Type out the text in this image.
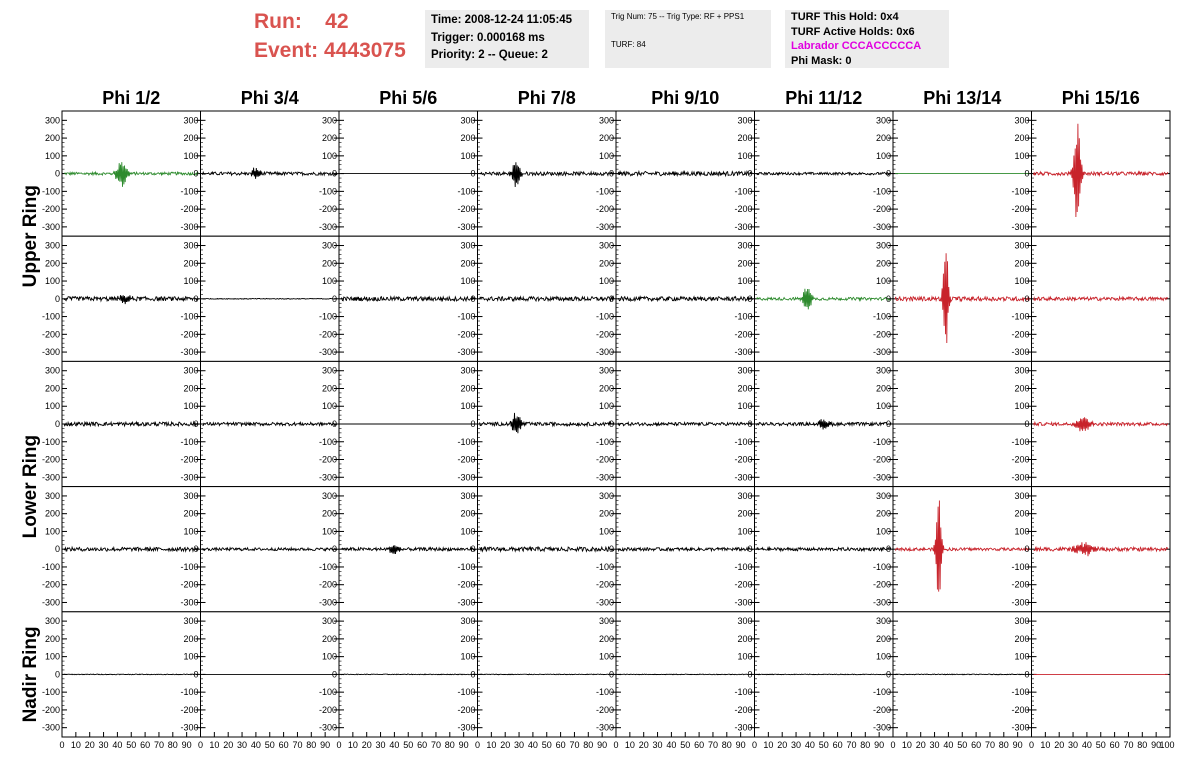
Run: 42
Event: 4443075
Time: 2008-12-24 11:05:45
Trigger: 0.000168 ms
Priority: 2 -- Queue: 2
Trig Num: 75 -- Trig Type: RF + PPS1
TURF: 84
TURF This Hold: 0x4
TURF Active Holds: 0x6
Labrador CCCACCCCCA
Phi Mask: 0
Phi 1/2	Phi 3/4	Phi 5/6	Phi 7/8	Phi 9/10	Phi 11/12	Phi 13/14	Phi 15/16
Upper Ring
Lower Ring
Nadir Ring
300
200
100
0
-100
-200
-300
300
200
100
0
-100
-200
-300
300
200
100
0
-100
-200
-300
300
200
100
0
-100
-200
-300
300
200
100
0
-100
-200
-300
300
200
100
0
-100
-200
-300
300
200
100
0
-100
-200
-300
300
200
100
0
-100
-200
-300
300
200
100
0
-100
-200
-300
300
200
100
0
-100
-200
-300
300
200
100
0
-100
-200
-300
300
200
100
0
-100
-200
-300
300
200
100
0
-100
-200
-300
300
200
100
0
-100
-200
-300
300
200
100
0
-100
-200
-300
300
200
100
0
-100
-200
-300
300
200
100
0
-100
-200
-300
300
200
100
0
-100
-200
-300
300
200
100
0
-100
-200
-300
300
200
100
0
-100
-200
-300
300
200
100
0
-100
-200
-300
300
200
100
0
-100
-200
-300
300
200
100
0
-100
-200
-300
300
200
100
0
-100
-200
-300
300
200
100
0
-100
-200
-300
300
200
100
0
-100
-200
-300
300
200
100
0
-100
-200
-300
300
200
100
0
-100
-200
-300
300
200
100
0
-100
-200
-300
300
200
100
0
-100
-200
-300
300
200
100
0
-100
-200
-300
300
200
100
0
-100
-200
-300
300
200
100
0
-100
-200
-300
300
200
100
0
-100
-200
-300
300
200
100
0
-100
-200
-300
300
200
100
0
-100
-200
-300
300
200
100
0
-100
-200
-300
300
200
100
0
-100
-200
-300
300
200
100
0
-100
-200
-300
300
200
100
0
-100
-200
-300
0 10 20 30 40 50 60 70 80 90 0 10 20 30 40 50 60 70 80 90 0 10 20 30 40 50 60 70 80 90 0 10 20 30 40 50 60 70 80 90 0 10 20 30 40 50 60 70 80 90 0 10 20 30 40 50 60 70 80 90 0 10 20 30 40 50 60 70 80 90 0 10 20 30 40 50 60 70 80 90
100
